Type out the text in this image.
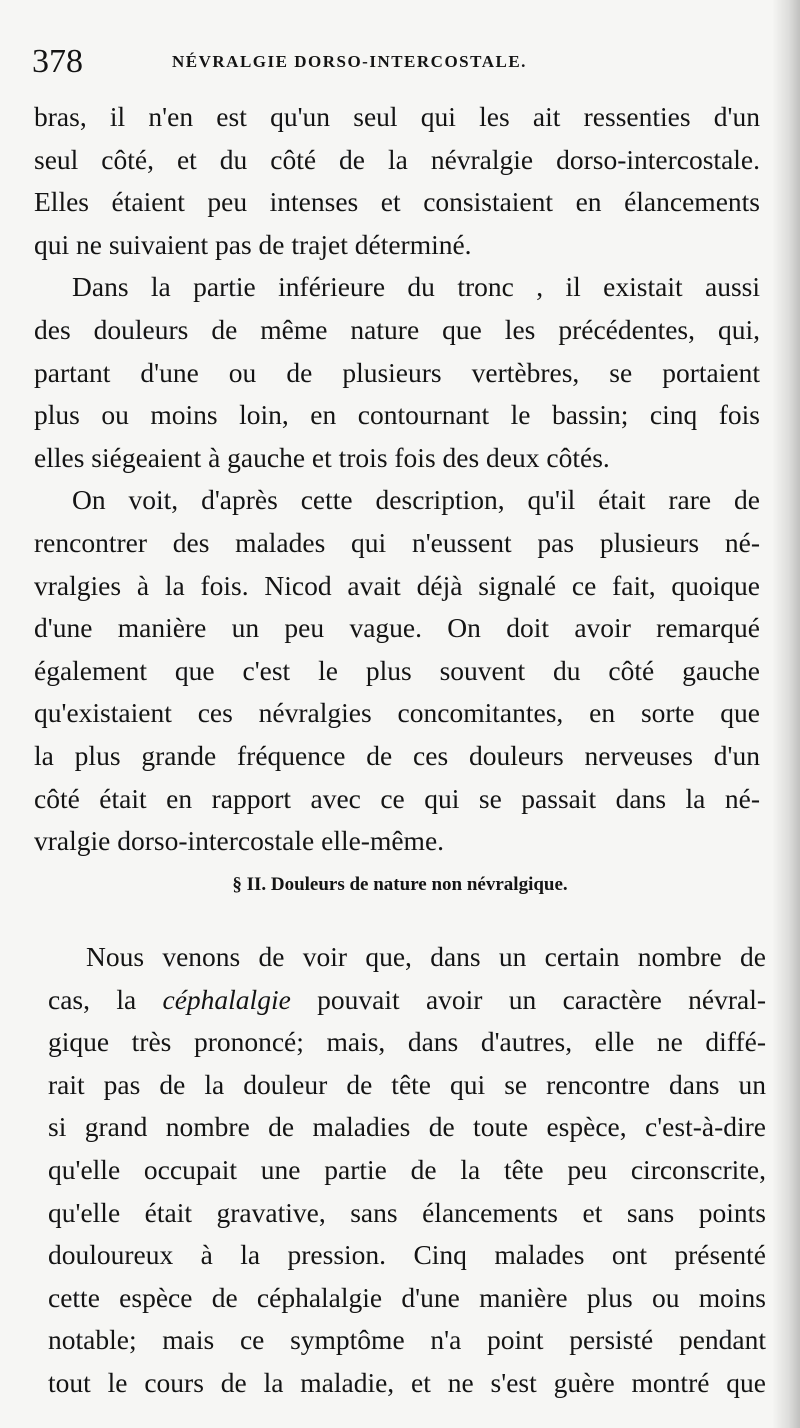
378	NÉVRALGIE DORSO-INTERCOSTALE.

bras, il n'en est qu'un seul qui les ait ressenties d'un
seul côté, et du côté de la névralgie dorso-intercostale.
Elles étaient peu intenses et consistaient en élancements
qui ne suivaient pas de trajet déterminé.

Dans la partie inférieure du tronc , il existait aussi
des douleurs de même nature que les précédentes, qui,
partant d'une ou de plusieurs vertèbres, se portaient
plus ou moins loin, en contournant le bassin; cinq fois
elles siégeaient à gauche et trois fois des deux côtés.

On voit, d'après cette description, qu'il était rare de
rencontrer des malades qui n'eussent pas plusieurs né-
vralgies à la fois. Nicod avait déjà signalé ce fait, quoique
d'une manière un peu vague. On doit avoir remarqué
également que c'est le plus souvent du côté gauche
qu'existaient ces névralgies concomitantes, en sorte que
la plus grande fréquence de ces douleurs nerveuses d'un
côté était en rapport avec ce qui se passait dans la né-
vralgie dorso-intercostale elle-même.

§ II. Douleurs de nature non névralgique.
Nous venons de voir que, dans un certain nombre de
cas, la céphalalgie pouvait avoir un caractère névral-
gique très prononcé; mais, dans d'autres, elle ne diffé-
rait pas de la douleur de tête qui se rencontre dans un
si grand nombre de maladies de toute espèce, c'est-à-dire
qu'elle occupait une partie de la tête peu circonscrite,
qu'elle était gravative, sans élancements et sans points
douloureux à la pression. Cinq malades ont présenté
cette espèce de céphalalgie d'une manière plus ou moins
notable; mais ce symptôme n'a point persisté pendant
tout le cours de la maladie, et ne s'est guère montré que
